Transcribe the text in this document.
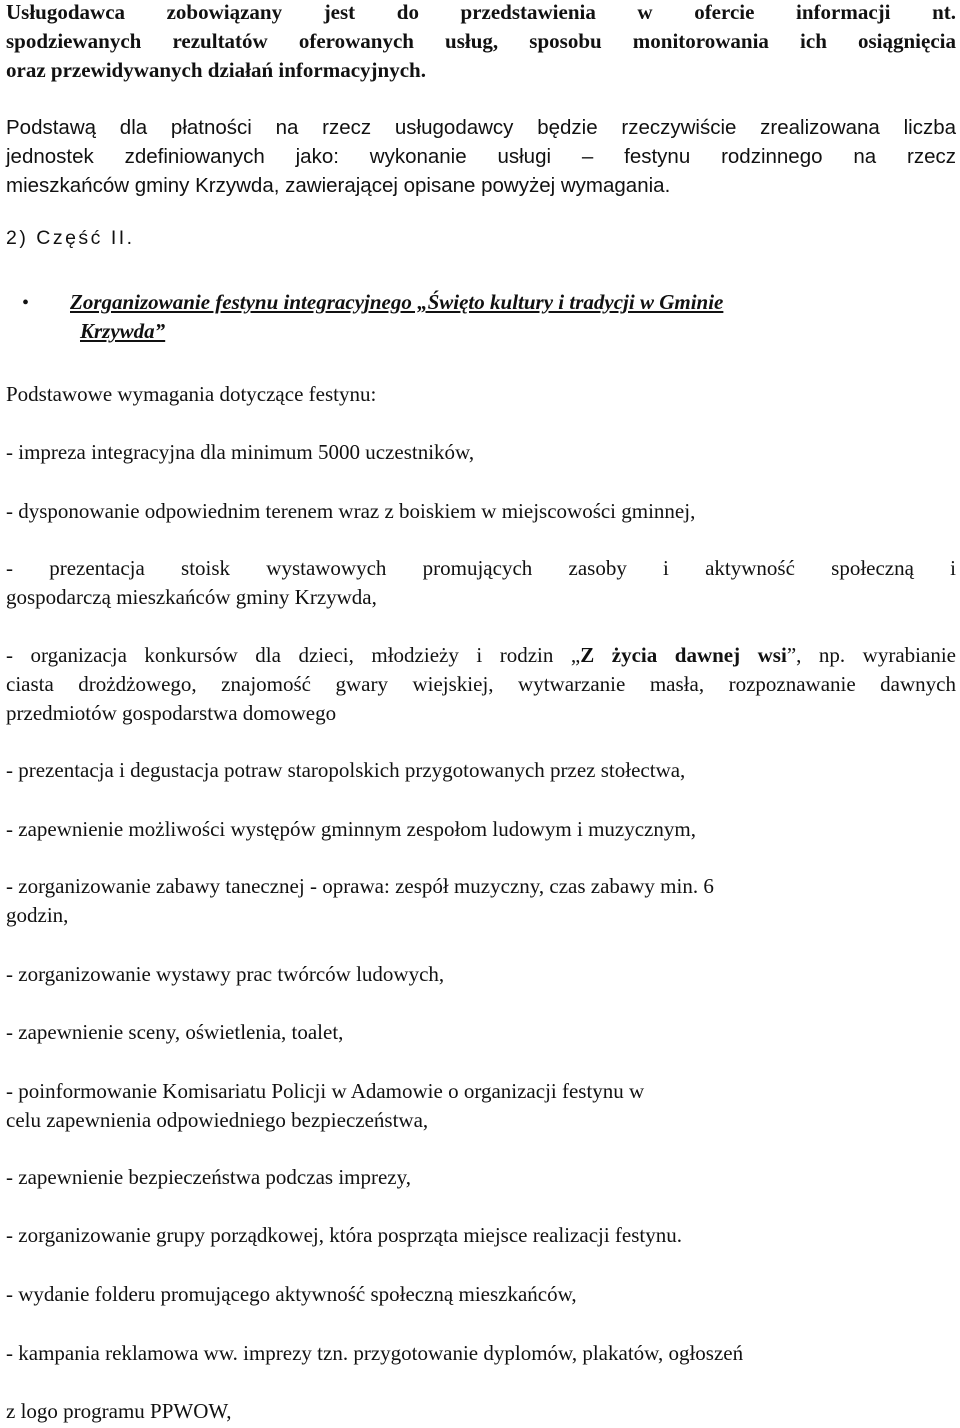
Usługodawca zobowiązany jest do przedstawienia w ofercie informacji nt.

spodziewanych rezultatów oferowanych usług, sposobu monitorowania ich osiągnięcia

oraz przewidywanych działań informacyjnych.

Podstawą dla płatności na rzecz usługodawcy będzie rzeczywiście zrealizowana liczba

jednostek zdefiniowanych jako: wykonanie usługi – festynu rodzinnego na rzecz

mieszkańców gminy Krzywda, zawierającej opisane powyżej wymagania.

2) Część II.
• Zorganizowanie festynu integracyjnego „Święto kultury i tradycji w Gminie
Krzywda”
Podstawowe wymagania dotyczące festynu:

- impreza integracyjna dla minimum 5000 uczestników,

- dysponowanie odpowiednim terenem wraz z boiskiem w miejscowości gminnej,

- prezentacja stoisk wystawowych promujących zasoby i aktywność społeczną i

gospodarczą mieszkańców gminy Krzywda,

- organizacja konkursów dla dzieci, młodzieży i rodzin „Z życia dawnej wsi”, np. wyrabianie

ciasta drożdżowego, znajomość gwary wiejskiej, wytwarzanie masła, rozpoznawanie dawnych

przedmiotów gospodarstwa domowego

- prezentacja i degustacja potraw staropolskich przygotowanych przez stołectwa,

- zapewnienie możliwości występów gminnym zespołom ludowym i muzycznym,

- zorganizowanie zabawy tanecznej - oprawa: zespół muzyczny, czas zabawy min. 6

godzin,

- zorganizowanie wystawy prac twórców ludowych,

- zapewnienie sceny, oświetlenia, toalet,

- poinformowanie Komisariatu Policji w Adamowie o organizacji festynu w

celu zapewnienia odpowiedniego bezpieczeństwa,

- zapewnienie bezpieczeństwa podczas imprezy,

- zorganizowanie grupy porządkowej, która posprząta miejsce realizacji festynu.

- wydanie folderu promującego aktywność społeczną mieszkańców,

- kampania reklamowa ww. imprezy tzn. przygotowanie dyplomów, plakatów, ogłoszeń

z logo programu PPWOW,
